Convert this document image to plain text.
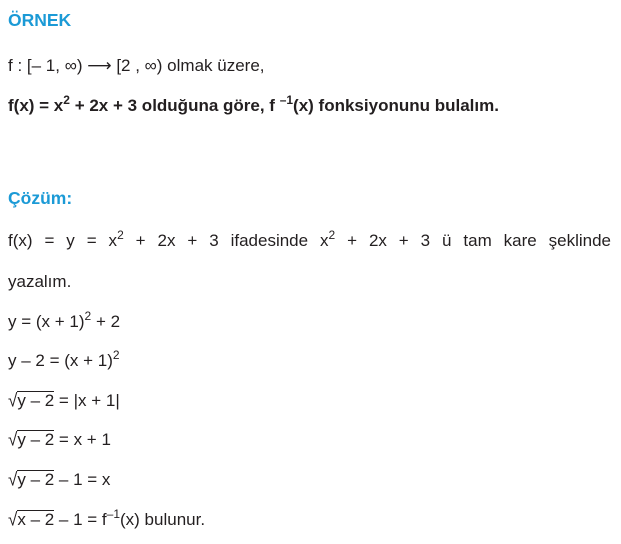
ÖRNEK
f : [– 1, ∞) ⟶ [2 , ∞) olmak üzere,
$f(x) = x^2 + 2x + 3$ olduğuna göre, f $^{-1}$(x) fonksiyonunu bulalım.
Çözüm:
$f(x) = y = x^2 + 2x + 3$ ifadesinde $x^2 + 2x + 3$ ü tam kare şeklinde
yazalım.
$y = (x + 1)^2 + 2$
$y - 2 = (x + 1)^2$
√y – 2 = |x + 1|
√y – 2 = x + 1
√y – 2 – 1 = x
$√x - 2 - 1 = f^{-1}(x)$ bulunur.
